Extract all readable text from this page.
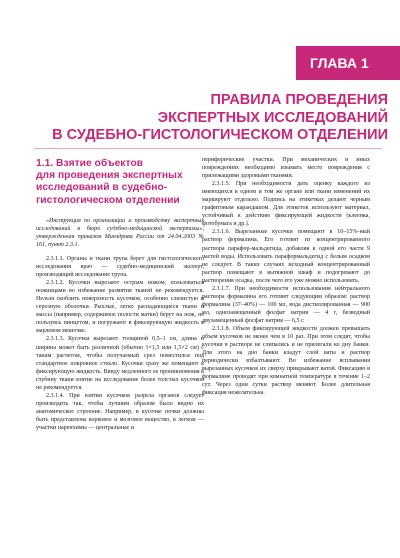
ГЛАВА 1
ПРАВИЛА ПРОВЕДЕНИЯ
ЭКСПЕРТНЫХ ИССЛЕДОВАНИЙ
В СУДЕБНО-ГИСТОЛОГИЧЕСКОМ ОТДЕЛЕНИИ
1.1. Взятие объектов
для проведения экспертных
исследований в судебно-
гистологическом отделении

«Инструкция по организации и производству экспертных исследований в бюро судебно-медицинской экспертизы», утвержденная приказом Минздрава России от 24.04.2003 № 161, пункт 2.3.1.

2.3.1.1. Органы и ткани трупа берет для гистологического исследования врач — судебно-медицинский эксперт, производящий исследование трупа.

2.3.1.2. Кусочки вырезают острым ножом, пользоваться ножницами во избежание размятия тканей не рекомендуется. Нельзя скоблить поверхность кусочков, особенно слизистую и серозную оболочки. Рыхлые, легко распадающиеся ткани и массы (например, содержимое полости матки) берут на нож, не пользуясь пинцетом, и погружают в фиксирующую жидкость в марлевом мешочке.

2.3.1.3. Кусочки вырезают толщиной 0,5–1 см, длина и ширина может быть различной (обычно 1×1,5 или 1,5×2 см) с таким расчетом, чтобы получаемый срез поместился под стандартное покровное стекло. Кусочки сразу же помещают в фиксирующую жидкость. Ввиду медленного ее проникновения в глубину ткани взятие на исследование более толстых кусочков не рекомендуется.

2.3.1.4. При взятии кусочков разреза органов следует производить так, чтобы лучшим образом было видно их анатомическое строение. Например, в кусочке почки должны быть представлены корковое и мозговое вещество, в легком — участки паренхимы — центральные и

периферические участки. При механических и иных повреждениях необходимо изымать место повреждения с прилежащими здоровыми тканями.

2.3.1.5. При необходимости дать оценку каждого из имеющихся в одном и том же органе или ткани изменений их маркируют отдельно. Подпись на этикетках делают черным графитовым карандашом. Для этикеток используют материал, устойчивый к действию фиксирующей жидкости (клеенка, фотобумага и др.).

2.3.1.6. Вырезанные кусочки помещают в 10–15%-ный раствор формалина. Его готовят из концентрированного раствора парафор-мальдегида, добавляя к одной его части 9 частей воды. Использовать параформальдегид с белым осадком не следует. В таких случаях исходный концентрированный раствор помещают в вытяжной шкаф и подогревают до растворения осадка, после чего его уже можно использовать.

2.3.1.7. При необходимости использования нейтрального раствора формалина его готовят следующим образом: раствор формалина (37–40%) — 100 мл, вода дистиллированная — 900 мл, однозамещенный фосфат натрия — 4 г, безводный двузамещенный фосфат натрия — 6,5 г.

2.3.1.8. Объем фиксирующей жидкости должен превышать объем кусочков не менее чем в 10 раз. При этом следят, чтобы кусочки в растворе не слипались и не прилегали ко дну банки. Для этого на дно банки кладут слой ваты и раствор периодически взбалтывают. Во избежание всплывания вырезанных кусочков их сверху прикрывают ватой. Фиксацию в формалине проводят при комнатной температуре в течение 1–2 сут. Через одни сутки раствор меняют. Более длительная фиксация нежелательна.
